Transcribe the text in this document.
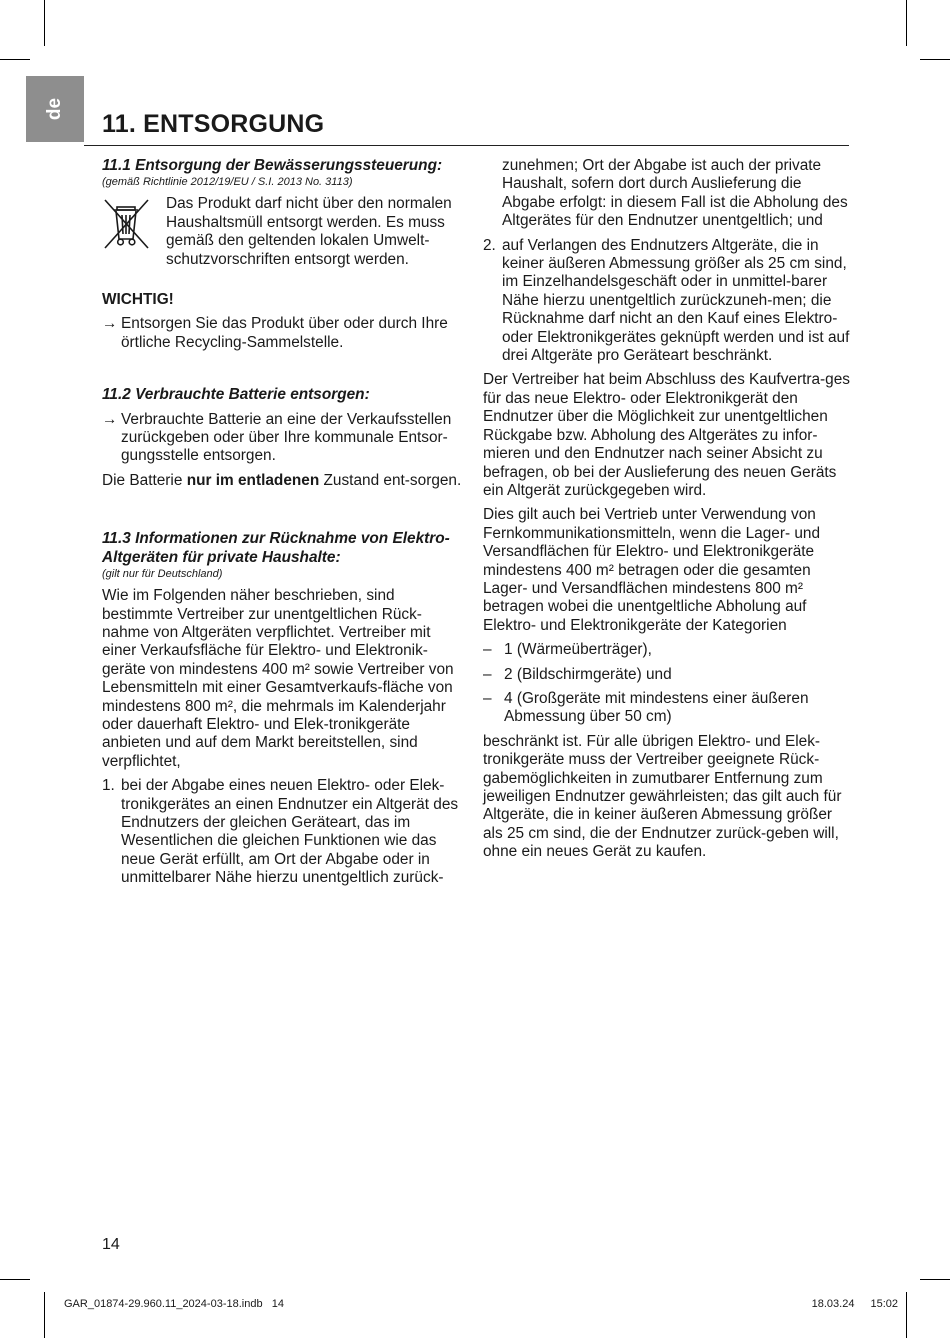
de
11. ENTSORGUNG
11.1 Entsorgung der Bewässerungssteuerung:

(gemäß Richtlinie 2012/19/EU / S.I. 2013 No. 3113)

Das Produkt darf nicht über den normalen Haushaltsmüll entsorgt werden. Es muss gemäß den geltenden lokalen Umwelt-schutzvorschriften entsorgt werden.

WICHTIG!

→ Entsorgen Sie das Produkt über oder durch Ihre örtliche Recycling-Sammelstelle.
11.2 Verbrauchte Batterie entsorgen:
→ Verbrauchte Batterie an eine der Verkaufsstellen zurückgeben oder über Ihre kommunale Entsor-gungsstelle entsorgen.

Die Batterie nur im entladenen Zustand ent-sorgen.

11.3 Informationen zur Rücknahme von Elektro-Altgeräten für private Haushalte:

(gilt nur für Deutschland)

Wie im Folgenden näher beschrieben, sind bestimmte Vertreiber zur unentgeltlichen Rück-nahme von Altgeräten verpflichtet. Vertreiber mit einer Verkaufsfläche für Elektro- und Elektronik-geräte von mindestens 400 m² sowie Vertreiber von Lebensmitteln mit einer Gesamtverkaufs-fläche von mindestens 800 m², die mehrmals im Kalenderjahr oder dauerhaft Elektro- und Elek-tronikgeräte anbieten und auf dem Markt bereitstellen, sind verpflichtet,

1. bei der Abgabe eines neuen Elektro- oder Elek-tronikgerätes an einen Endnutzer ein Altgerät des Endnutzers der gleichen Geräteart, das im Wesentlichen die gleichen Funktionen wie das neue Gerät erfüllt, am Ort der Abgabe oder in unmittelbarer Nähe hierzu unentgeltlich zurück-
zunehmen; Ort der Abgabe ist auch der private Haushalt, sofern dort durch Auslieferung die Abgabe erfolgt: in diesem Fall ist die Abholung des Altgerätes für den Endnutzer unentgeltlich; und
2. auf Verlangen des Endnutzers Altgeräte, die in keiner äußeren Abmessung größer als 25 cm sind, im Einzelhandelsgeschäft oder in unmittel-barer Nähe hierzu unentgeltlich zurückzuneh-men; die Rücknahme darf nicht an den Kauf eines Elektro- oder Elektronikgerätes geknüpft werden und ist auf drei Altgeräte pro Geräteart beschränkt.

Der Vertreiber hat beim Abschluss des Kaufvertra-ges für das neue Elektro- oder Elektronikgerät den Endnutzer über die Möglichkeit zur unentgeltlichen Rückgabe bzw. Abholung des Altgerätes zu infor-mieren und den Endnutzer nach seiner Absicht zu befragen, ob bei der Auslieferung des neuen Geräts ein Altgerät zurückgegeben wird.

Dies gilt auch bei Vertrieb unter Verwendung von Fernkommunikationsmitteln, wenn die Lager- und Versandflächen für Elektro- und Elektronikgeräte mindestens 400 m² betragen oder die gesamten Lager- und Versandflächen mindestens 800 m² betragen wobei die unentgeltliche Abholung auf Elektro- und Elektronikgeräte der Kategorien

– 1 (Wärmeüberträger),
– 2 (Bildschirmgeräte) und
– 4 (Großgeräte mit mindestens einer äußeren Abmessung über 50 cm)

beschränkt ist. Für alle übrigen Elektro- und Elek-tronikgeräte muss der Vertreiber geeignete Rück-gabemöglichkeiten in zumutbarer Entfernung zum jeweiligen Endnutzer gewährleisten; das gilt auch für Altgeräte, die in keiner äußeren Abmessung größer als 25 cm sind, die der Endnutzer zurück-geben will, ohne ein neues Gerät zu kaufen.

14
GAR_01874-29.960.11_2024-03-18.indb   14	18.03.24 15:02
